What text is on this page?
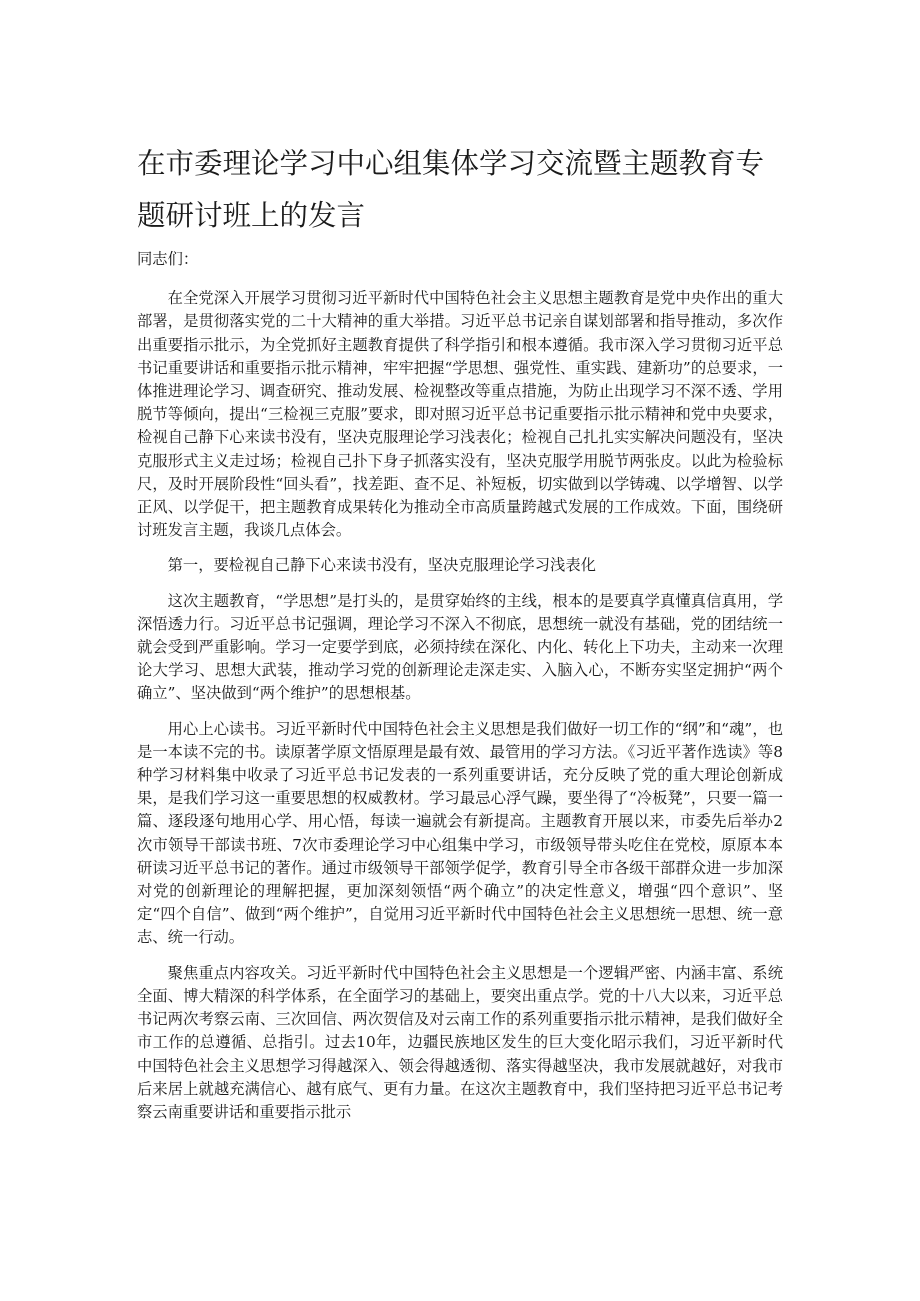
在市委理论学习中心组集体学习交流暨主题教育专题研讨班上的发言

同志们：

在全党深入开展学习贯彻习近平新时代中国特色社会主义思想主题教育是党中央作出的重大部署，是贯彻落实党的二十大精神的重大举措。习近平总书记亲自谋划部署和指导推动，多次作出重要指示批示，为全党抓好主题教育提供了科学指引和根本遵循。我市深入学习贯彻习近平总书记重要讲话和重要指示批示精神，牢牢把握“学思想、强党性、重实践、建新功”的总要求，一体推进理论学习、调查研究、推动发展、检视整改等重点措施，为防止出现学习不深不透、学用脱节等倾向，提出“三检视三克服”要求，即对照习近平总书记重要指示批示精神和党中央要求，检视自己静下心来读书没有，坚决克服理论学习浅表化；检视自己扎扎实实解决问题没有，坚决克服形式主义走过场；检视自己扑下身子抓落实没有，坚决克服学用脱节两张皮。以此为检验标尺，及时开展阶段性“回头看”，找差距、查不足、补短板，切实做到以学铸魂、以学增智、以学正风、以学促干，把主题教育成果转化为推动全市高质量跨越式发展的工作成效。下面，围绕研讨班发言主题，我谈几点体会。

第一，要检视自己静下心来读书没有，坚决克服理论学习浅表化

这次主题教育，“学思想”是打头的，是贯穿始终的主线，根本的是要真学真懂真信真用，学深悟透力行。习近平总书记强调，理论学习不深入不彻底，思想统一就没有基础，党的团结统一就会受到严重影响。学习一定要学到底，必须持续在深化、内化、转化上下功夫，主动来一次理论大学习、思想大武装，推动学习党的创新理论走深走实、入脑入心，不断夯实坚定拥护“两个确立”、坚决做到“两个维护”的思想根基。

用心上心读书。习近平新时代中国特色社会主义思想是我们做好一切工作的“纲”和“魂”，也是一本读不完的书。读原著学原文悟原理是最有效、最管用的学习方法。《习近平著作选读》等8种学习材料集中收录了习近平总书记发表的一系列重要讲话，充分反映了党的重大理论创新成果，是我们学习这一重要思想的权威教材。学习最忌心浮气躁，要坐得了“冷板凳”，只要一篇一篇、逐段逐句地用心学、用心悟，每读一遍就会有新提高。主题教育开展以来，市委先后举办2次市领导干部读书班、7次市委理论学习中心组集中学习，市级领导带头吃住在党校，原原本本研读习近平总书记的著作。通过市级领导干部领学促学，教育引导全市各级干部群众进一步加深对党的创新理论的理解把握，更加深刻领悟“两个确立”的决定性意义，增强“四个意识”、坚定“四个自信”、做到“两个维护”，自觉用习近平新时代中国特色社会主义思想统一思想、统一意志、统一行动。

聚焦重点内容攻关。习近平新时代中国特色社会主义思想是一个逻辑严密、内涵丰富、系统全面、博大精深的科学体系，在全面学习的基础上，要突出重点学。党的十八大以来，习近平总书记两次考察云南、三次回信、两次贺信及对云南工作的系列重要指示批示精神，是我们做好全市工作的总遵循、总指引。过去10年，边疆民族地区发生的巨大变化昭示我们，习近平新时代中国特色社会主义思想学习得越深入、领会得越透彻、落实得越坚决，我市发展就越好，对我市后来居上就越充满信心、越有底气、更有力量。在这次主题教育中，我们坚持把习近平总书记考察云南重要讲话和重要指示批示
